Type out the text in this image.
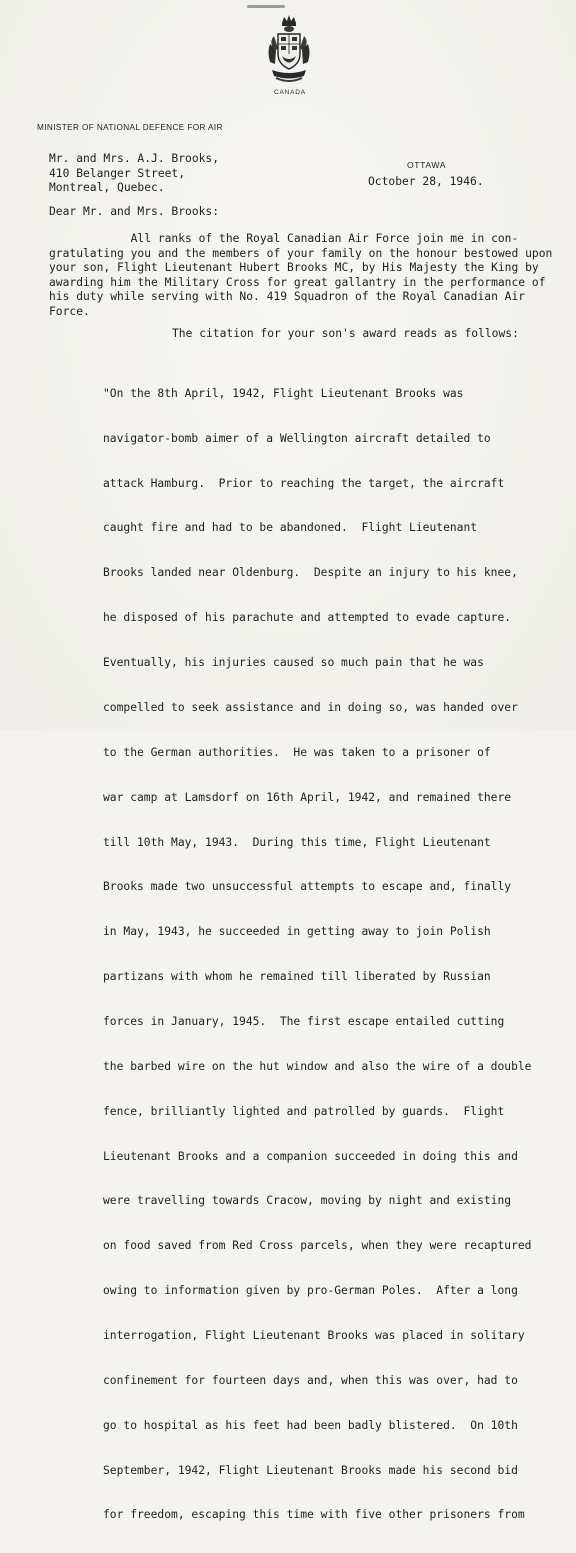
CANADA
MINISTER OF NATIONAL DEFENCE FOR AIR
Mr. and Mrs. A.J. Brooks,
410 Belanger Street,
Montreal, Quebec.
OTTAWA
October 28, 1946.
Dear Mr. and Mrs. Brooks:
All ranks of the Royal Canadian Air Force join me in con-
gratulating you and the members of your family on the honour bestowed upon
your son, Flight Lieutenant Hubert Brooks MC, by His Majesty the King by
awarding him the Military Cross for great gallantry in the performance of
his duty while serving with No. 419 Squadron of the Royal Canadian Air
Force.
The citation for your son's award reads as follows:

"On the 8th April, 1942, Flight Lieutenant Brooks was

navigator-bomb aimer of a Wellington aircraft detailed to

attack Hamburg.  Prior to reaching the target, the aircraft

caught fire and had to be abandoned.  Flight Lieutenant

Brooks landed near Oldenburg.  Despite an injury to his knee,

he disposed of his parachute and attempted to evade capture.

Eventually, his injuries caused so much pain that he was

compelled to seek assistance and in doing so, was handed over

to the German authorities.  He was taken to a prisoner of

war camp at Lamsdorf on 16th April, 1942, and remained there

till 10th May, 1943.  During this time, Flight Lieutenant

Brooks made two unsuccessful attempts to escape and, finally

in May, 1943, he succeeded in getting away to join Polish

partizans with whom he remained till liberated by Russian

forces in January, 1945.  The first escape entailed cutting

the barbed wire on the hut window and also the wire of a double

fence, brilliantly lighted and patrolled by guards.  Flight

Lieutenant Brooks and a companion succeeded in doing this and

were travelling towards Cracow, moving by night and existing

on food saved from Red Cross parcels, when they were recaptured

owing to information given by pro-German Poles.  After a long

interrogation, Flight Lieutenant Brooks was placed in solitary

confinement for fourteen days and, when this was over, had to

go to hospital as his feet had been badly blistered.  On 10th

September, 1942, Flight Lieutenant Brooks made his second bid

for freedom, escaping this time with five other prisoners from
